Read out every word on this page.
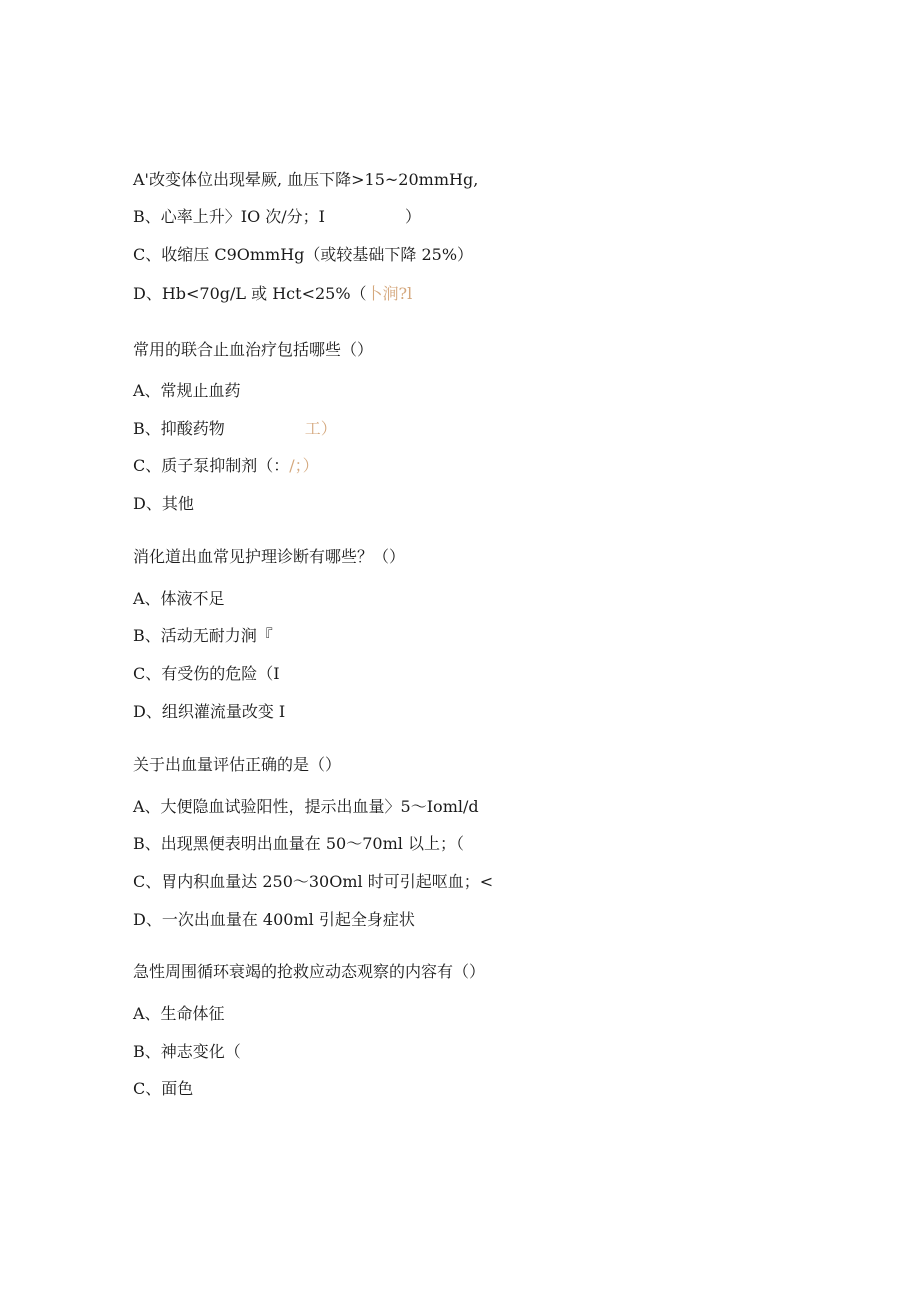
A'改变体位出现晕厥, 血压下降>15~20mmHg,
B、心率上升〉IO 次/分；I　　　　　）
C、收缩压 C9OmmHg（或较基础下降 25%）
D、Hb<70g/L 或 Hct<25%（卜涧?l
常用的联合止血治疗包括哪些（）
A、常规止血药
B、抑酸药物　　　　　工）
C、质子泵抑制剂（：/；）
D、其他
消化道出血常见护理诊断有哪些？（）
A、体液不足
B、活动无耐力涧『
C、有受伤的危险（I
D、组织灌流量改变 I
关于出血量评估正确的是（）
A、大便隐血试验阳性，提示出血量〉5～Ioml/d
B、出现黑便表明出血量在 50～70ml 以上；（
C、胃内积血量达 250～30Oml 时可引起呕血；<
D、一次出血量在 400ml 引起全身症状
急性周围循环衰竭的抢救应动态观察的内容有（）
A、生命体征
B、神志变化（
C、面色
